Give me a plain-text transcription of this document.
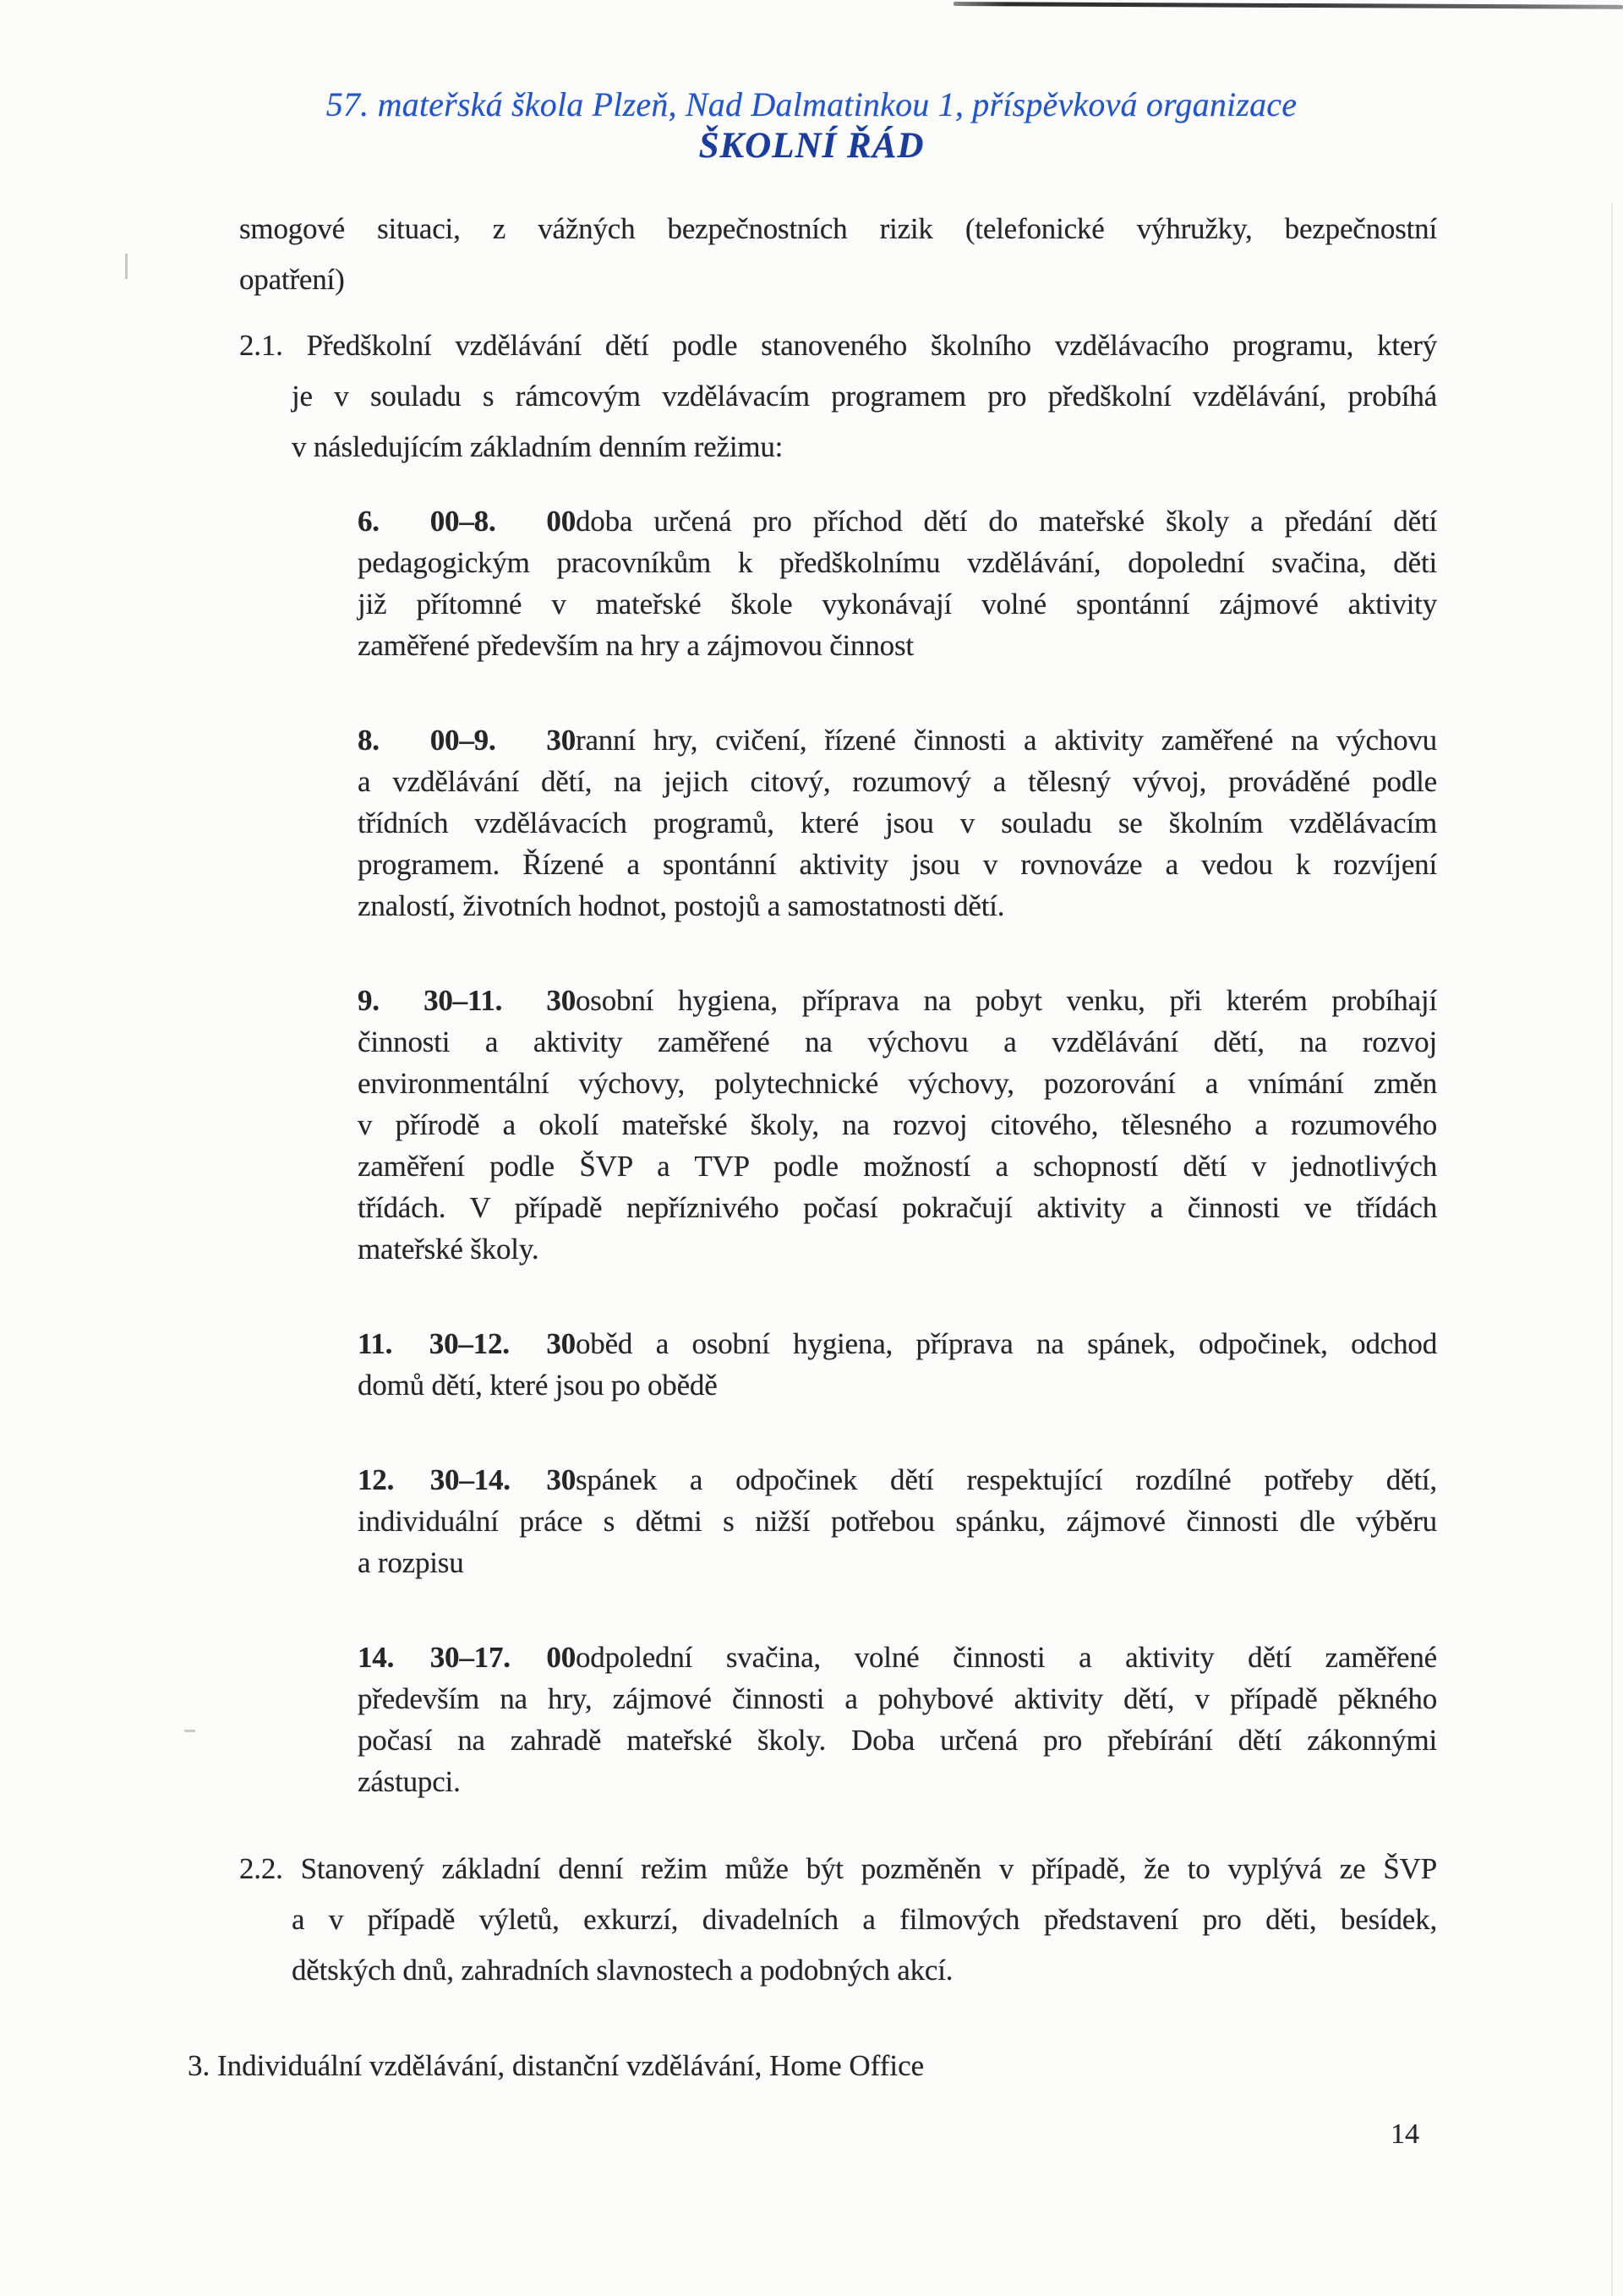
57. mateřská škola Plzeň, Nad Dalmatinkou 1, příspěvková organizace
ŠKOLNÍ ŘÁD
smogové situaci, z vážných bezpečnostních rizik (telefonické výhružky, bezpečnostní
opatření)
2.1. Předškolní vzdělávání dětí podle stanoveného školního vzdělávacího programu, který
je v souladu s rámcovým vzdělávacím programem pro předškolní vzdělávání, probíhá
v následujícím základním denním režimu:
6. 00–8. 00doba určená pro příchod dětí do mateřské školy a předání dětí
pedagogickým pracovníkům k předškolnímu vzdělávání, dopolední svačina, děti
již přítomné v mateřské škole vykonávají volné spontánní zájmové aktivity
zaměřené především na hry a zájmovou činnost
8. 00–9. 30ranní hry, cvičení, řízené činnosti a aktivity zaměřené na výchovu
a vzdělávání dětí, na jejich citový, rozumový a tělesný vývoj, prováděné podle
třídních vzdělávacích programů, které jsou v souladu se školním vzdělávacím
programem. Řízené a spontánní aktivity jsou v rovnováze a vedou k rozvíjení
znalostí, životních hodnot, postojů a samostatnosti dětí.
9. 30–11. 30osobní hygiena, příprava na pobyt venku, při kterém probíhají
činnosti a aktivity zaměřené na výchovu a vzdělávání dětí, na rozvoj
environmentální výchovy, polytechnické výchovy, pozorování a vnímání změn
v přírodě a okolí mateřské školy, na rozvoj citového, tělesného a rozumového
zaměření podle ŠVP a TVP podle možností a schopností dětí v jednotlivých
třídách. V případě nepříznivého počasí pokračují aktivity a činnosti ve třídách
mateřské školy.
11. 30–12. 30oběd a osobní hygiena, příprava na spánek, odpočinek, odchod
domů dětí, které jsou po obědě
12. 30–14. 30spánek a odpočinek dětí respektující rozdílné potřeby dětí,
individuální práce s dětmi s nižší potřebou spánku, zájmové činnosti dle výběru
a rozpisu
14. 30–17. 00odpolední svačina, volné činnosti a aktivity dětí zaměřené
především na hry, zájmové činnosti a pohybové aktivity dětí, v případě pěkného
počasí na zahradě mateřské školy. Doba určená pro přebírání dětí zákonnými
zástupci.
2.2. Stanovený základní denní režim může být pozměněn v případě, že to vyplývá ze ŠVP
a v případě výletů, exkurzí, divadelních a filmových představení pro děti, besídek,
dětských dnů, zahradních slavnostech a podobných akcí.
3. Individuální vzdělávání, distanční vzdělávání, Home Office
14
